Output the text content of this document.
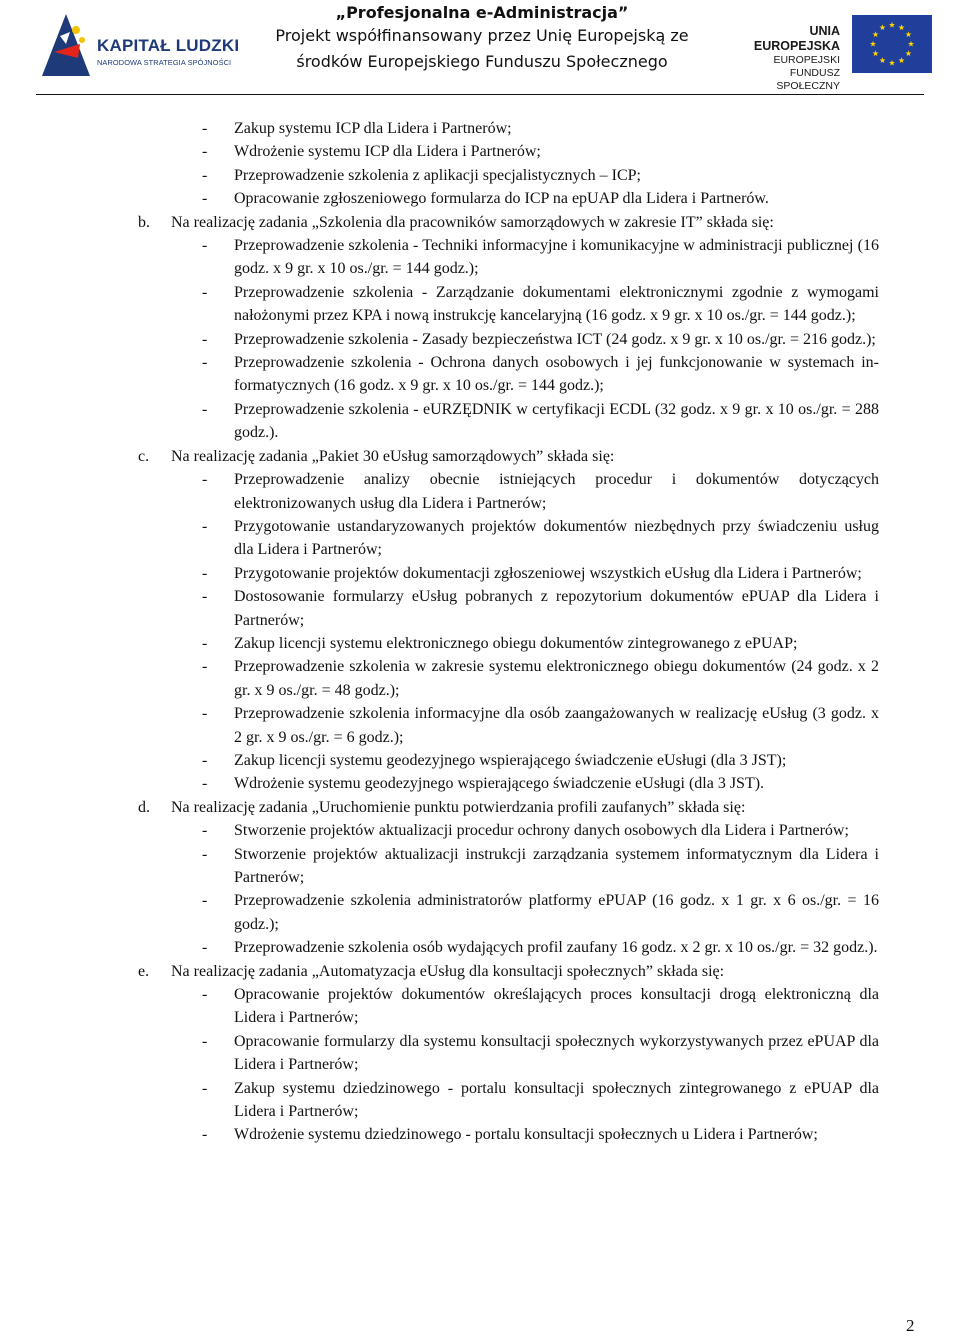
KAPITAŁ LUDZKI
NARODOWA STRATEGIA SPÓJNOŚCI
„Profesjonalna e-Administracja”
Projekt współfinansowany przez Unię Europejską ze
środków Europejskiego Funduszu Społecznego
UNIA EUROPEJSKA
EUROPEJSKI
FUNDUSZ SPOŁECZNY
- Zakup systemu ICP dla Lidera i Partnerów;
- Wdrożenie systemu ICP dla Lidera i Partnerów;
- Przeprowadzenie szkolenia z aplikacji specjalistycznych – ICP;
- Opracowanie zgłoszeniowego formularza do ICP na epUAP dla Lidera i Partnerów.
b. Na realizację zadania „Szkolenia dla pracowników samorządowych w zakresie IT” składa się:
- Przeprowadzenie szkolenia - Techniki informacyjne i komunikacyjne w administracji publicznej (16 godz. x 9 gr. x 10 os./gr. = 144 godz.);
- Przeprowadzenie szkolenia - Zarządzanie dokumentami elektronicznymi zgodnie z wymogami nałożonymi przez KPA i nową instrukcję kancelaryjną (16 godz. x 9 gr. x 10 os./gr. = 144 godz.);
- Przeprowadzenie szkolenia - Zasady bezpieczeństwa ICT (24 godz. x 9 gr. x 10 os./gr. = 216 godz.);
- Przeprowadzenie szkolenia - Ochrona danych osobowych i jej funkcjonowanie w systemach in-formatycznych (16 godz. x 9 gr. x 10 os./gr. = 144 godz.);
- Przeprowadzenie szkolenia - eURZĘDNIK w certyfikacji ECDL (32 godz. x 9 gr. x 10 os./gr. = 288 godz.).
c. Na realizację zadania „Pakiet 30 eUsług samorządowych” składa się:
- Przeprowadzenie analizy obecnie istniejących procedur i dokumentów dotyczących elektronizowanych usług dla Lidera i Partnerów;
- Przygotowanie ustandaryzowanych projektów dokumentów niezbędnych przy świadczeniu usług dla Lidera i Partnerów;
- Przygotowanie projektów dokumentacji zgłoszeniowej wszystkich eUsług dla Lidera i Partnerów;
- Dostosowanie formularzy eUsług pobranych z repozytorium dokumentów ePUAP dla Lidera i Partnerów;
- Zakup licencji systemu elektronicznego obiegu dokumentów zintegrowanego z ePUAP;
- Przeprowadzenie szkolenia w zakresie systemu elektronicznego obiegu dokumentów (24 godz. x 2 gr. x 9 os./gr. = 48 godz.);
- Przeprowadzenie szkolenia informacyjne dla osób zaangażowanych w realizację eUsług (3 godz. x 2 gr. x 9 os./gr. = 6 godz.);
- Zakup licencji systemu geodezyjnego wspierającego świadczenie eUsługi (dla 3 JST);
- Wdrożenie systemu geodezyjnego wspierającego świadczenie eUsługi (dla 3 JST).
d. Na realizację zadania „Uruchomienie punktu potwierdzania profili zaufanych” składa się:
- Stworzenie projektów aktualizacji procedur ochrony danych osobowych dla Lidera i Partnerów;
- Stworzenie projektów aktualizacji instrukcji zarządzania systemem informatycznym dla Lidera i Partnerów;
- Przeprowadzenie szkolenia administratorów platformy ePUAP (16 godz. x 1 gr. x 6 os./gr. = 16 godz.);
- Przeprowadzenie szkolenia osób wydających profil zaufany 16 godz. x 2 gr. x 10 os./gr. = 32 godz.).
e. Na realizację zadania „Automatyzacja eUsług dla konsultacji społecznych” składa się:
- Opracowanie projektów dokumentów określających proces konsultacji drogą elektroniczną dla Lidera i Partnerów;
- Opracowanie formularzy dla systemu konsultacji społecznych wykorzystywanych przez ePUAP dla Lidera i Partnerów;
- Zakup systemu dziedzinowego - portalu konsultacji społecznych zintegrowanego z ePUAP dla Lidera i Partnerów;
- Wdrożenie systemu dziedzinowego - portalu konsultacji społecznych u Lidera i Partnerów;
2
